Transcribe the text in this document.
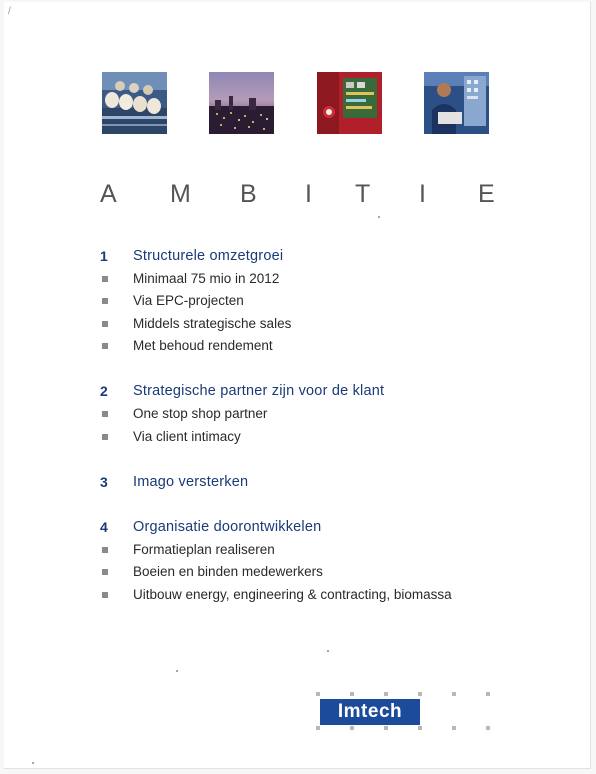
/
A M B I T I E
1	Structurele omzetgroei
Minimaal 75 mio in 2012
Via EPC-projecten
Middels strategische sales
Met behoud rendement
2	Strategische partner zijn voor de klant
One stop shop partner
Via client intimacy
3	Imago versterken
4	Organisatie doorontwikkelen
Formatieplan realiseren
Boeien en binden medewerkers
Uitbouw energy, engineering & contracting, biomassa
Imtech
